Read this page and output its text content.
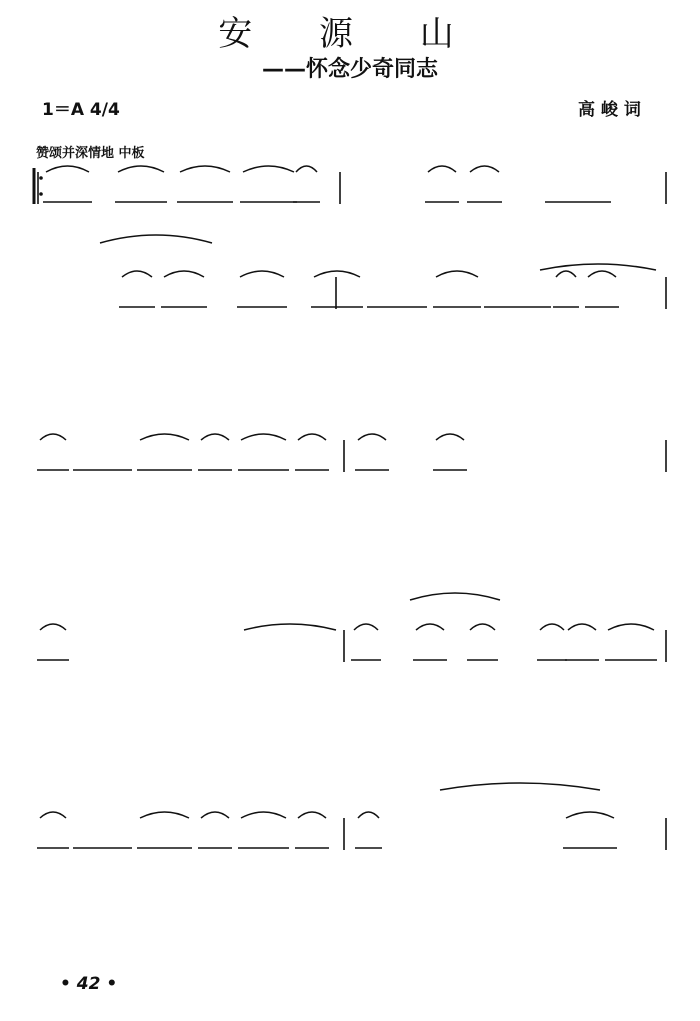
安 源 山
——怀念少奇同志
1＝A 4/4	高 峻 词
赞颂并深情地 中板
• 42 •
